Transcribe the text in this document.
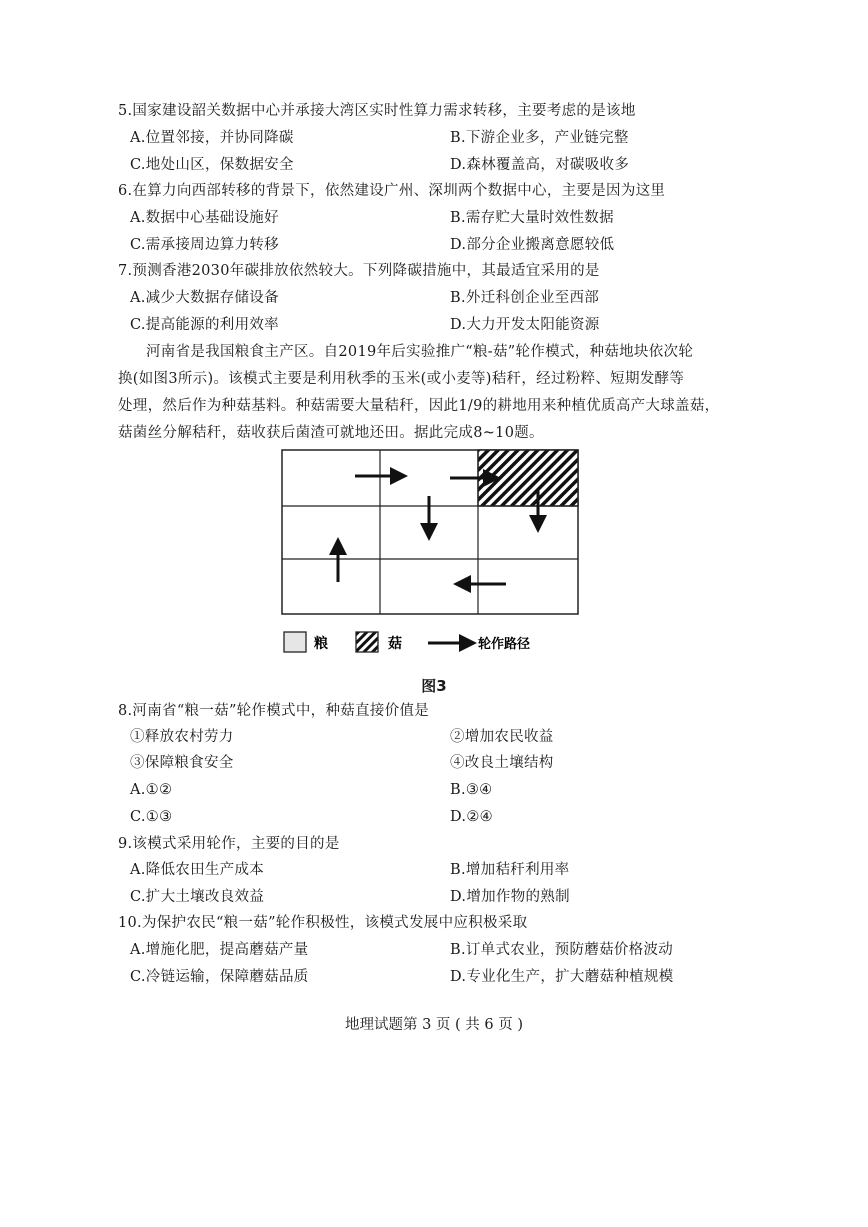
5.国家建设韶关数据中心并承接大湾区实时性算力需求转移，主要考虑的是该地
A.位置邻接，并协同降碳	B.下游企业多，产业链完整
C.地处山区，保数据安全	D.森林覆盖高，对碳吸收多
6.在算力向西部转移的背景下，依然建设广州、深圳两个数据中心，主要是因为这里
A.数据中心基础设施好	B.需存贮大量时效性数据
C.需承接周边算力转移	D.部分企业搬离意愿较低
7.预测香港2030年碳排放依然较大。下列降碳措施中，其最适宜采用的是
A.减少大数据存储设备	B.外迁科创企业至西部
C.提高能源的利用效率	D.大力开发太阳能资源
河南省是我国粮食主产区。自2019年后实验推广“粮-菇”轮作模式，种菇地块依次轮
换(如图3所示)。该模式主要是利用秋季的玉米(或小麦等)秸秆，经过粉粹、短期发酵等
处理，然后作为种菇基料。种菇需要大量秸秆，因此1/9的耕地用来种植优质高产大球盖菇，
菇菌丝分解秸秆，菇收获后菌渣可就地还田。据此完成8~10题。
粮	菇	轮作路径
图3
8.河南省“粮一菇”轮作模式中，种菇直接价值是
①释放农村劳力	②增加农民收益
③保障粮食安全	④改良土壤结构
A.①②	B.③④
C.①③	D.②④
9.该模式采用轮作，主要的目的是
A.降低农田生产成本	B.增加秸秆利用率
C.扩大土壤改良效益	D.增加作物的熟制
10.为保护农民“粮一菇”轮作积极性，该模式发展中应积极采取
A.增施化肥，提高蘑菇产量	B.订单式农业，预防蘑菇价格波动
C.冷链运输，保障蘑菇品质	D.专业化生产，扩大蘑菇种植规模
地理试题第 3 页 ( 共 6 页 )
